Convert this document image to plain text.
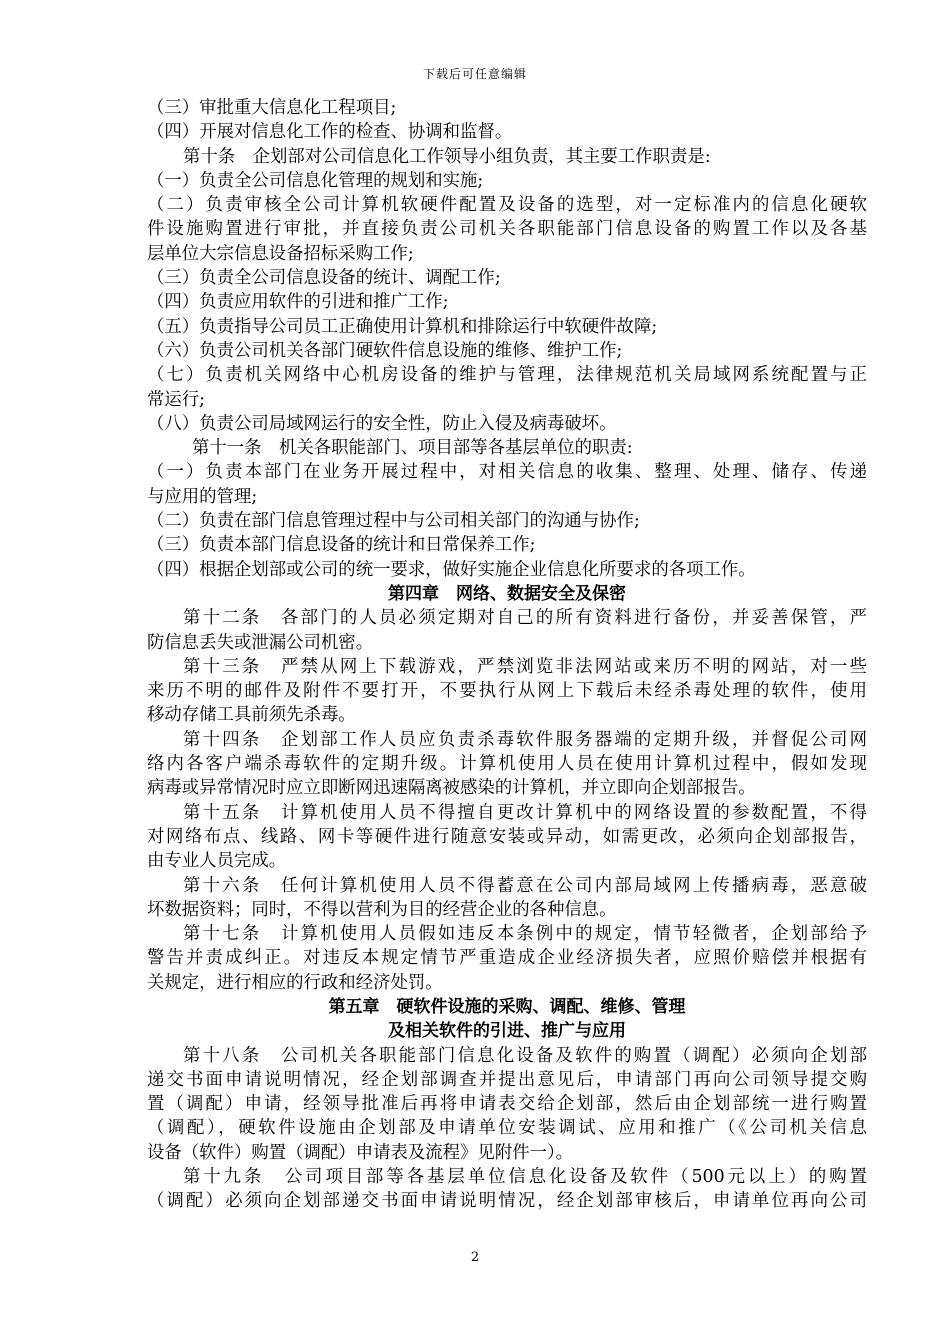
下载后可任意编辑
（三）审批重大信息化工程项目;
（四）开展对信息化工作的检查、协调和监督。
第十条　企划部对公司信息化工作领导小组负责，其主要工作职责是:
（一）负责全公司信息化管理的规划和实施;
（二）负责审核全公司计算机软硬件配置及设备的选型，对一定标准内的信息化硬软
件设施购置进行审批，并直接负责公司机关各职能部门信息设备的购置工作以及各基
层单位大宗信息设备招标采购工作;
（三）负责全公司信息设备的统计、调配工作;
（四）负责应用软件的引进和推广工作;
（五）负责指导公司员工正确使用计算机和排除运行中软硬件故障;
（六）负责公司机关各部门硬软件信息设施的维修、维护工作;
（七）负责机关网络中心机房设备的维护与管理，法律规范机关局域网系统配置与正
常运行;
（八）负责公司局域网运行的安全性，防止入侵及病毒破坏。
第十一条　机关各职能部门、项目部等各基层单位的职责:
（一）负责本部门在业务开展过程中，对相关信息的收集、整理、处理、储存、传递
与应用的管理;
（二）负责在部门信息管理过程中与公司相关部门的沟通与协作;
（三）负责本部门信息设备的统计和日常保养工作;
（四）根据企划部或公司的统一要求，做好实施企业信息化所要求的各项工作。
第四章　网络、数据安全及保密
第十二条　各部门的人员必须定期对自己的所有资料进行备份，并妥善保管，严
防信息丢失或泄漏公司机密。
第十三条　严禁从网上下载游戏，严禁浏览非法网站或来历不明的网站，对一些
来历不明的邮件及附件不要打开，不要执行从网上下载后未经杀毒处理的软件，使用
移动存储工具前须先杀毒。
第十四条　企划部工作人员应负责杀毒软件服务器端的定期升级，并督促公司网
络内各客户端杀毒软件的定期升级。计算机使用人员在使用计算机过程中，假如发现
病毒或异常情况时应立即断网迅速隔离被感染的计算机，并立即向企划部报告。
第十五条　计算机使用人员不得擅自更改计算机中的网络设置的参数配置，不得
对网络布点、线路、网卡等硬件进行随意安装或异动，如需更改，必须向企划部报告，
由专业人员完成。
第十六条　任何计算机使用人员不得蓄意在公司内部局域网上传播病毒，恶意破
坏数据资料；同时，不得以营利为目的经营企业的各种信息。
第十七条　计算机使用人员假如违反本条例中的规定，情节轻微者，企划部给予
警告并责成纠正。对违反本规定情节严重造成企业经济损失者，应照价赔偿并根据有
关规定，进行相应的行政和经济处罚。
第五章　硬软件设施的采购、调配、维修、管理
及相关软件的引进、推广与应用
第十八条　公司机关各职能部门信息化设备及软件的购置（调配）必须向企划部
递交书面申请说明情况，经企划部调查并提出意见后，申请部门再向公司领导提交购
置（调配）申请，经领导批准后再将申请表交给企划部，然后由企划部统一进行购置
（调配），硬软件设施由企划部及申请单位安装调试、应用和推广（《公司机关信息
设备（软件）购置（调配）申请表及流程》见附件一）。
第十九条　公司项目部等各基层单位信息化设备及软件（500元以上）的购置
（调配）必须向企划部递交书面申请说明情况，经企划部审核后，申请单位再向公司
2
